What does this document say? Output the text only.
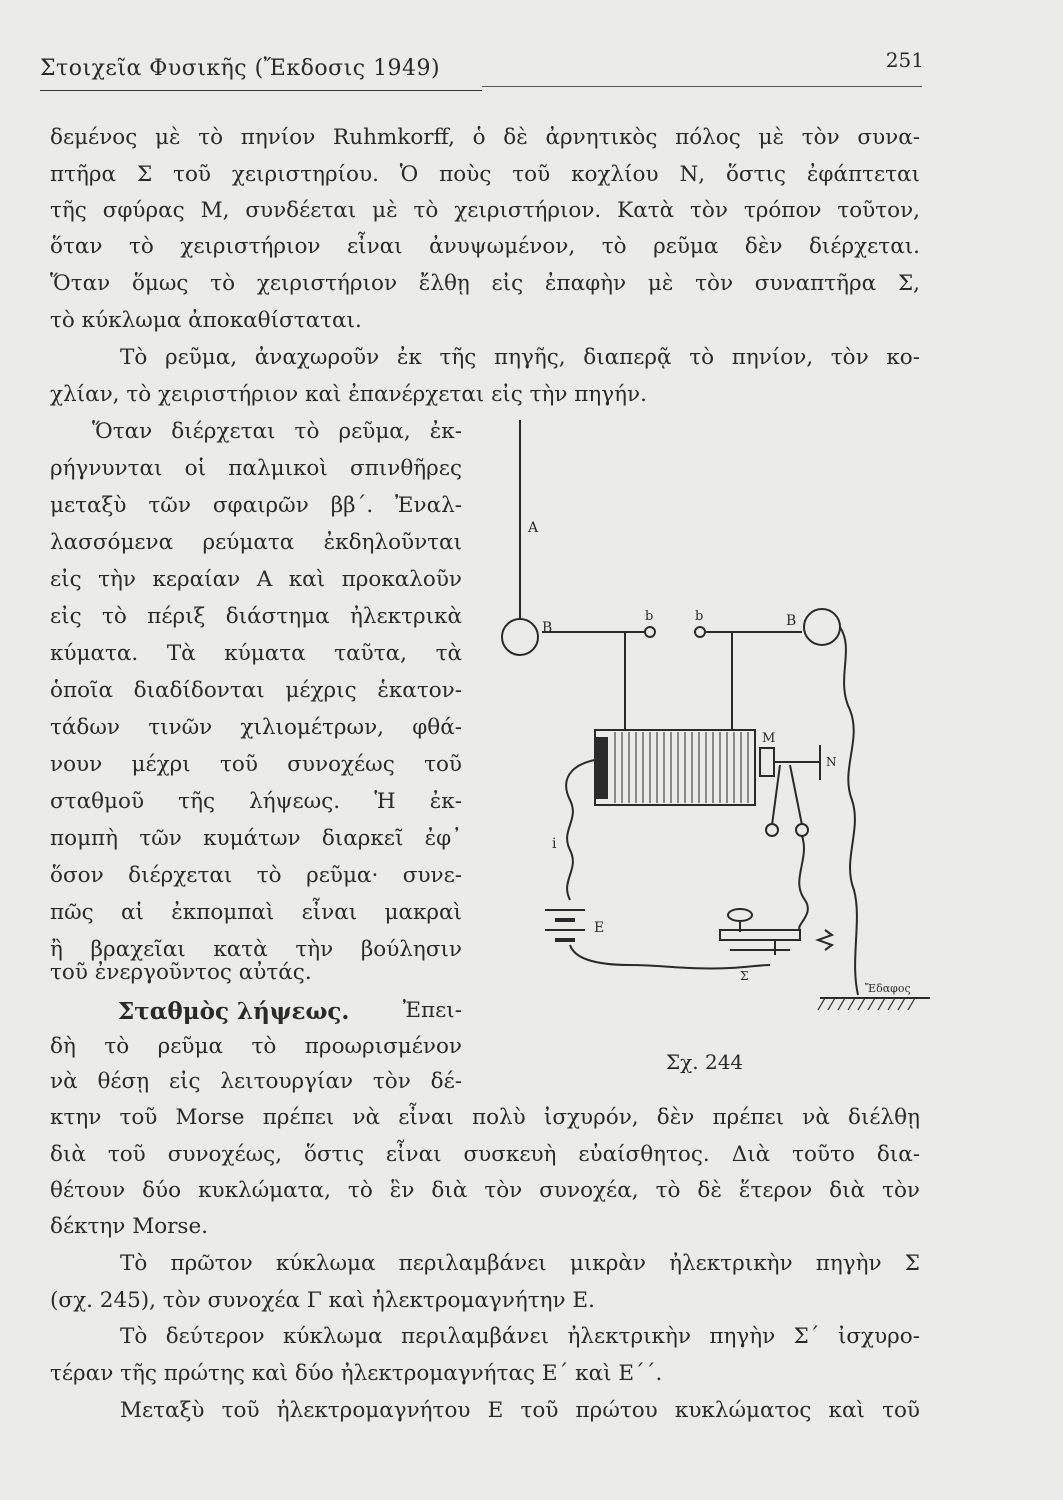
Στοιχεῖα Φυσικῆς (Ἔκδοσις 1949)	251
δεμένος μὲ τὸ πηνίον Ruhmkorff, ὁ δὲ ἀρνητικὸς πόλος μὲ τὸν συνα-
πτῆρα Σ τοῦ χειριστηρίου. Ὁ ποὺς τοῦ κοχλίου Ν, ὅστις ἐφάπτεται
τῆς σφύρας Μ, συνδέεται μὲ τὸ χειριστήριον. Κατὰ τὸν τρόπον τοῦτον,
ὅταν τὸ χειριστήριον εἶναι ἀνυψωμένον, τὸ ρεῦμα δὲν διέρχεται.
Ὅταν ὅμως τὸ χειριστήριον ἔλθῃ εἰς ἐπαφὴν μὲ τὸν συναπτῆρα Σ,
τὸ κύκλωμα ἀποκαθίσταται.
Τὸ ρεῦμα, ἀναχωροῦν ἐκ τῆς πηγῆς, διαπερᾷ τὸ πηνίον, τὸν κο-
χλίαν, τὸ χειριστήριον καὶ ἐπανέρχεται εἰς τὴν πηγήν.
Ὅταν διέρχεται τὸ ρεῦμα, ἐκ-
ρήγνυνται οἱ παλμικοὶ σπινθῆρες
μεταξὺ τῶν σφαιρῶν ββ΄. Ἐναλ-
λασσόμενα ρεύματα ἐκδηλοῦνται
εἰς τὴν κεραίαν Α καὶ προκαλοῦν
εἰς τὸ πέριξ διάστημα ἠλεκτρικὰ
κύματα. Τὰ κύματα ταῦτα, τὰ
ὁποῖα διαδίδονται μέχρις ἑκατον-
τάδων τινῶν χιλιομέτρων, φθά-
νουν μέχρι τοῦ συνοχέως τοῦ
σταθμοῦ τῆς λήψεως. Ἡ ἐκ-
πομπὴ τῶν κυμάτων διαρκεῖ ἐφ᾿
ὅσον διέρχεται τὸ ρεῦμα· συνε-
πῶς αἱ ἐκπομπαὶ εἶναι μακραὶ
ἢ βραχεῖαι κατὰ τὴν βούλησιν
τοῦ ἐνεργοῦντος αὐτάς.
Σταθμὸς λήψεως. Ἐπει-
δὴ τὸ ρεῦμα τὸ προωρισμένον
νὰ θέσῃ εἰς λειτουργίαν τὸν δέ-
κτην τοῦ Morse πρέπει νὰ εἶναι πολὺ ἰσχυρόν, δὲν πρέπει νὰ διέλθῃ
διὰ τοῦ συνοχέως, ὅστις εἶναι συσκευὴ εὐαίσθητος. Διὰ τοῦτο δια-
θέτουν δύο κυκλώματα, τὸ ἓν διὰ τὸν συνοχέα, τὸ δὲ ἕτερον διὰ τὸν
δέκτην Morse.
Τὸ πρῶτον κύκλωμα περιλαμβάνει μικρὰν ἠλεκτρικὴν πηγὴν Σ
(σχ. 245), τὸν συνοχέα Γ καὶ ἠλεκτρομαγνήτην Ε.
Τὸ δεύτερον κύκλωμα περιλαμβάνει ἠλεκτρικὴν πηγὴν Σ΄ ἰσχυρο-
τέραν τῆς πρώτης καὶ δύο ἠλεκτρομαγνήτας Ε΄ καὶ Ε΄΄.
Μεταξὺ τοῦ ἠλεκτρομαγνήτου Ε τοῦ πρώτου κυκλώματος καὶ τοῦ
A
B
b	b	B
M
N
i
E
Σ
Ἔδαφος
Σχ. 244
